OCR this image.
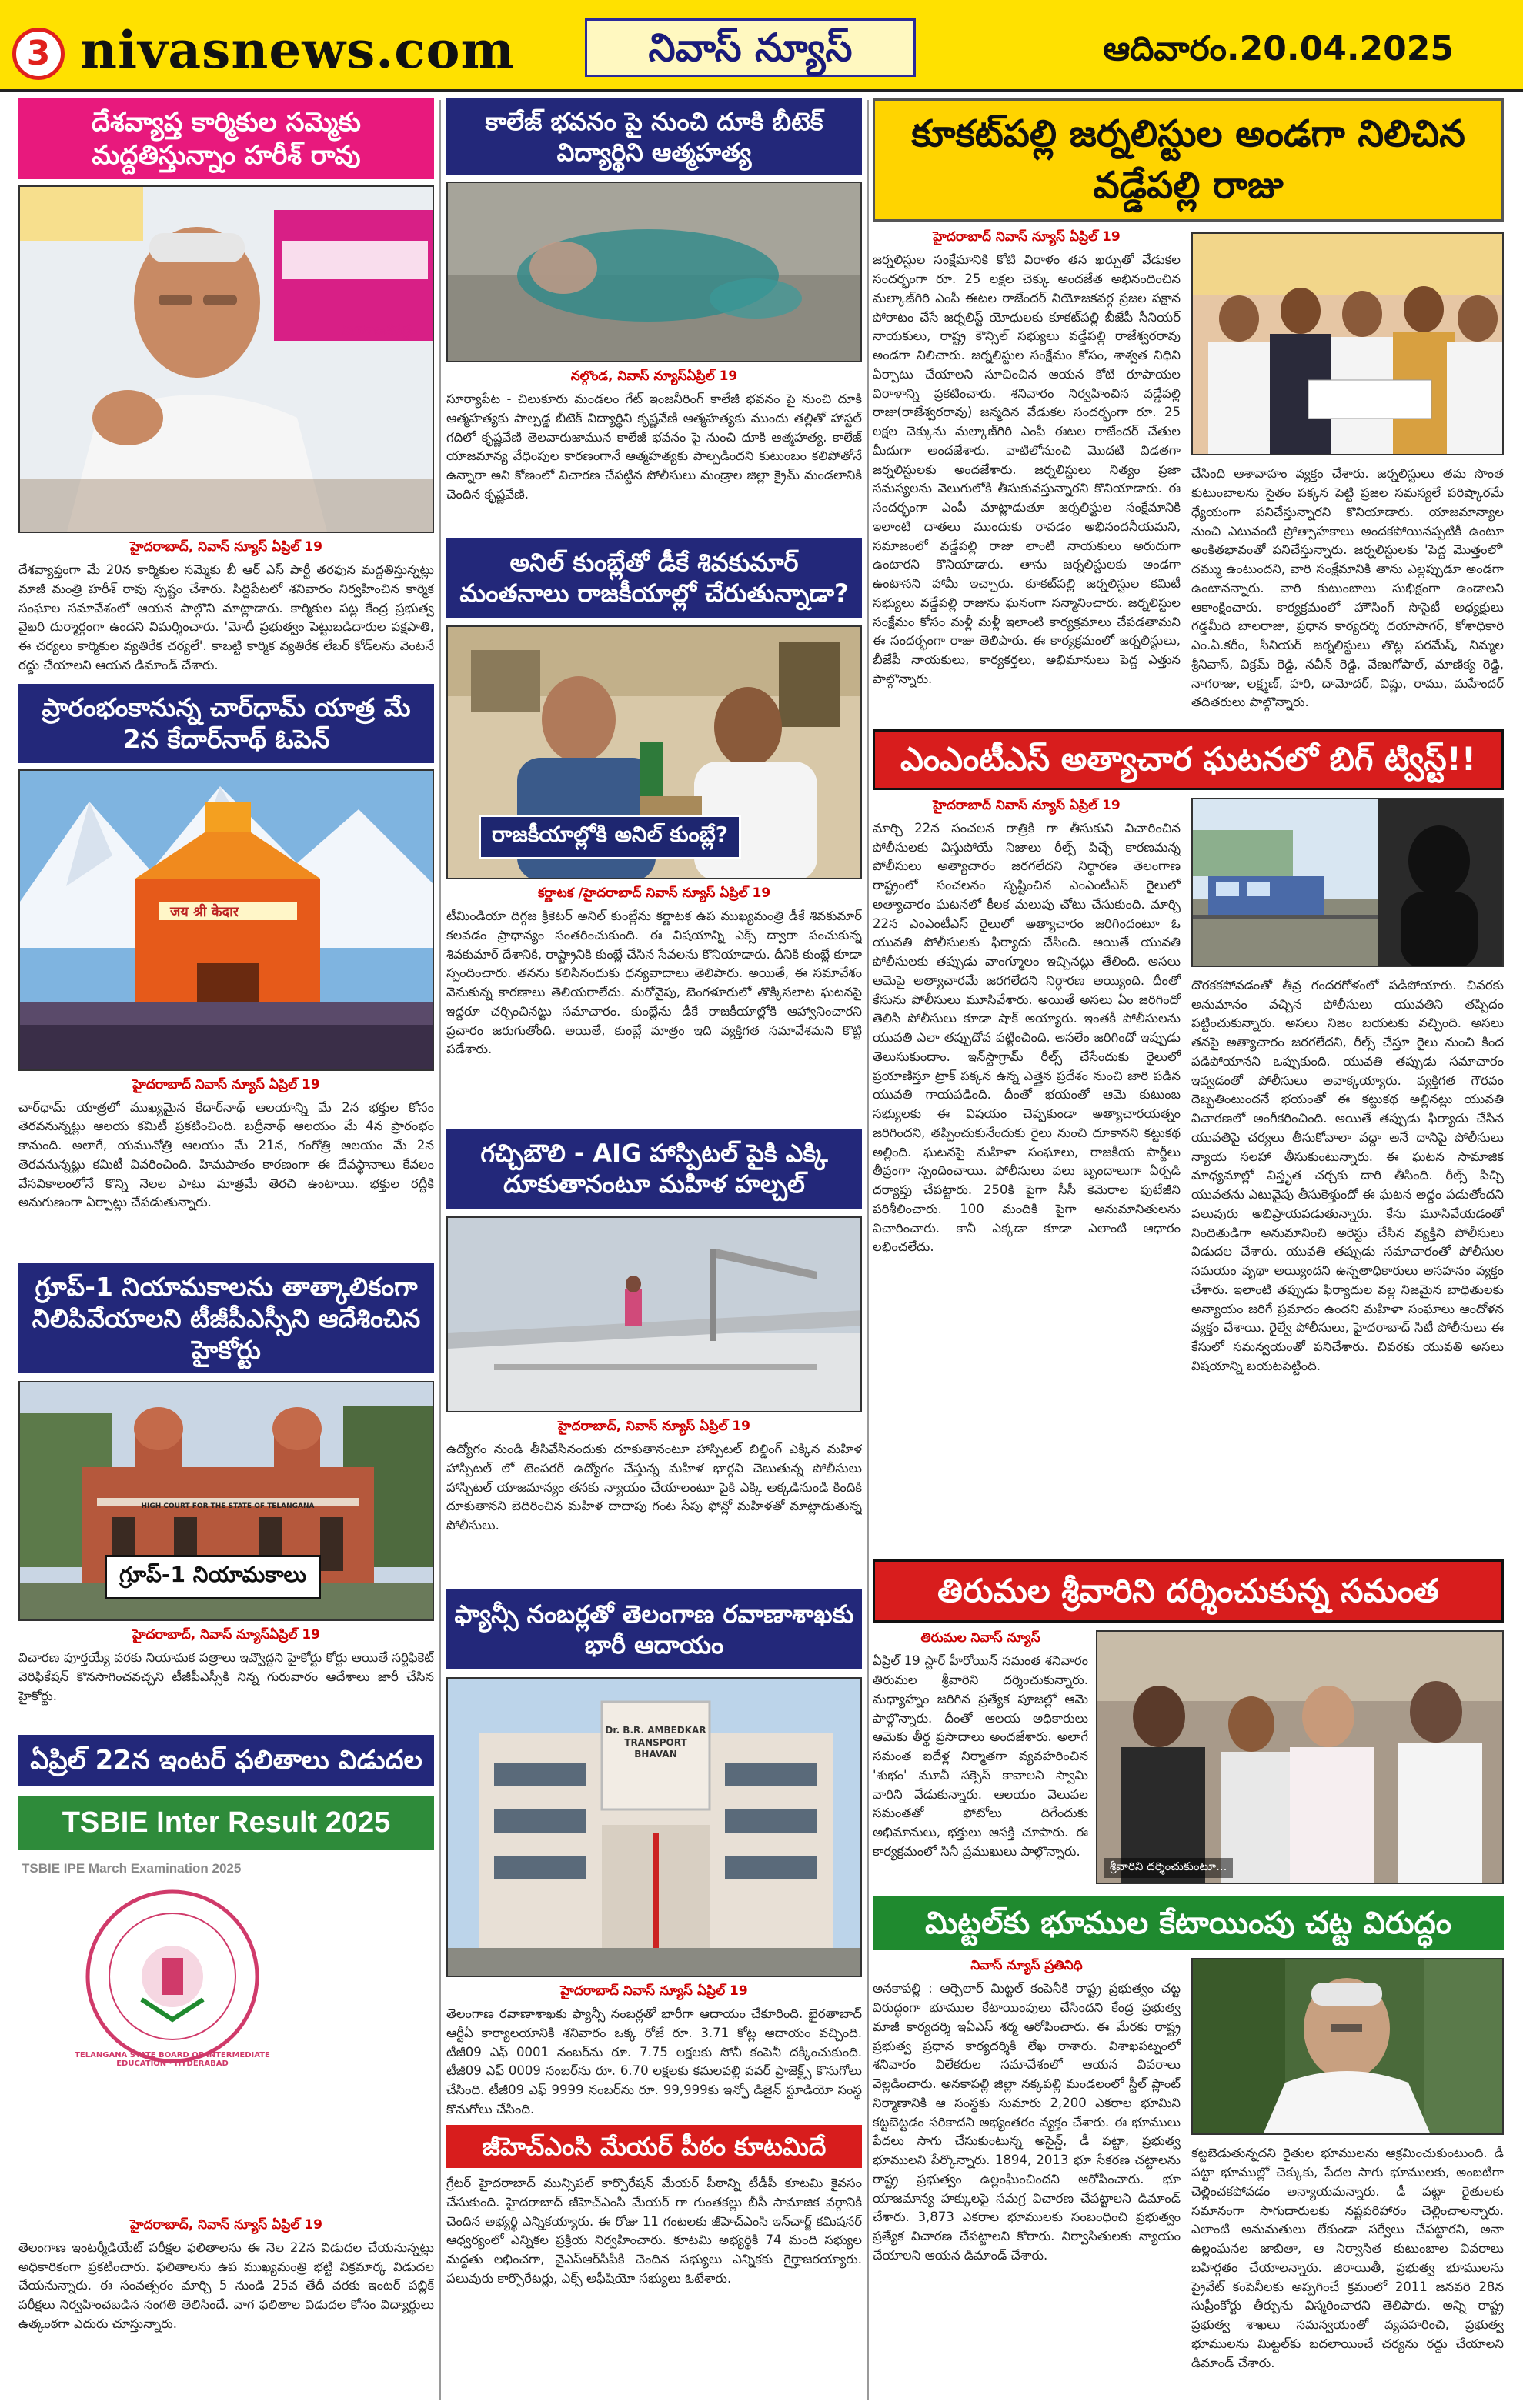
3 nivasnews.com	నివాస్ న్యూస్	ఆదివారం.20.04.2025
దేశవ్యాప్త కార్మికుల సమ్మెకు మద్దతిస్తున్నాం హరీశ్ రావు
నియోజకవర్గం
హైదరాబాద్, నివాస్ న్యూస్ ఏప్రిల్ 19
దేశవ్యాప్తంగా మే 20న కార్మికుల సమ్మెకు బీ ఆర్ ఎస్ పార్టీ తరఫున మద్దతిస్తున్నట్లు మాజీ మంత్రి హరీశ్ రావు స్పష్టం చేశారు. సిద్దిపేటలో శనివారం నిర్వహించిన కార్మిక సంఘాల సమావేశంలో ఆయన పాల్గొని మాట్లాడారు. కార్మికుల పట్ల కేంద్ర ప్రభుత్వ వైఖరి దుర్మార్గంగా ఉందని విమర్శించారు. 'మోదీ ప్రభుత్వం పెట్టుబడిదారుల పక్షపాతి, ఈ చర్యలు కార్మికుల వ్యతిరేక చర్యలే'. కాబట్టి కార్మిక వ్యతిరేక లేబర్ కోడ్‌లను వెంటనే రద్దు చేయాలని ఆయన డిమాండ్ చేశారు.
ప్రారంభంకానున్న చార్‌ధామ్ యాత్ర మే 2న కేదార్‌నాథ్ ఓపెన్
जय श्री केदार
హైదరాబాద్ నివాస్ న్యూస్ ఏప్రిల్ 19
చార్‌ధామ్ యాత్రలో ముఖ్యమైన కేదార్‌నాథ్ ఆలయాన్ని మే 2న భక్తుల కోసం తెరవనున్నట్లు ఆలయ కమిటీ ప్రకటించింది. బద్రీనాథ్ ఆలయం మే 4న ప్రారంభం కానుంది. అలాగే, యమునోత్రి ఆలయం మే 21న, గంగోత్రి ఆలయం మే 2న తెరవనున్నట్లు కమిటీ వివరించింది. హిమపాతం కారణంగా ఈ దేవస్థానాలు కేవలం వేసవికాలంలోనే కొన్ని నెలల పాటు మాత్రమే తెరచి ఉంటాయి. భక్తుల రద్దీకి అనుగుణంగా ఏర్పాట్లు చేపడుతున్నారు.
గ్రూప్-1 నియామకాలను తాత్కాలికంగా నిలిపివేయాలని టీజీపీఎస్సీని ఆదేశించిన హైకోర్టు
HIGH COURT FOR THE STATE OF TELANGANA
గ్రూప్-1 నియామకాలు
హైదరాబాద్, నివాస్ న్యూస్ఏప్రిల్ 19
విచారణ పూర్తయ్యే వరకు నియామక పత్రాలు ఇవ్వొద్దని హైకోర్టు కోర్టు ఆయితే సర్టిఫికెట్ వెరిఫికేషన్ కొనసాగించవచ్చని టీజీపీఎస్సీకి నిన్న గురువారం ఆదేశాలు జారీ చేసిన హైకోర్టు.
ఏప్రిల్ 22న ఇంటర్ ఫలితాలు విడుదల
TSBIE Inter Result 2025
TSBIE IPE March Examination 2025
TELANGANA STATE BOARD OF INTERMEDIATE EDUCATION · HYDERABAD
హైదరాబాద్, నివాస్ న్యూస్ ఏప్రిల్ 19
తెలంగాణ ఇంటర్మీడియేట్ పరీక్షల ఫలితాలను ఈ నెల 22న విడుదల చేయనున్నట్లు అధికారికంగా ప్రకటించారు. ఫలితాలను ఉప ముఖ్యమంత్రి భట్టి విక్రమార్క విడుదల చేయనున్నారు. ఈ సంవత్సరం మార్చి 5 నుండి 25వ తేదీ వరకు ఇంటర్ పబ్లిక్ పరీక్షలు నిర్వహించబడిన సంగతి తెలిసిందే. వాగ ఫలితాల విడుదల కోసం విద్యార్థులు ఉత్కంఠగా ఎదురు చూస్తున్నారు.
కాలేజ్ భవనం పై నుంచి దూకి బీటెక్ విద్యార్థిని ఆత్మహత్య
నల్గొండ, నివాస్ న్యూస్ఏప్రిల్ 19
సూర్యాపేట - చిలుకూరు మండలం గేట్ ఇంజనీరింగ్ కాలేజీ భవనం పై నుంచి దూకి ఆత్మహత్యకు పాల్పడ్డ బీటెక్ విద్యార్థిని కృష్ణవేణి ఆత్మహత్యకు ముందు తల్లితో హాస్టల్ గదిలో కృష్ణవేణి తెలవారుజామున కాలేజీ భవనం పై నుంచి దూకి ఆత్మహత్య. కాలేజ్ యాజమాన్య వేధింపుల కారణంగానే ఆత్మహత్యకు పాల్పడిందని కుటుంబం కలిపోతోనే ఉన్నారా అని కోణంలో విచారణ చేపట్టిన పోలీసులు మండ్రాల జిల్లా క్రైమ్ మండలానికి చెందిన కృష్ణవేణి.
అనిల్ కుంబ్లేతో డీకే శివకుమార్ మంతనాలు రాజకీయాల్లో చేరుతున్నాడా?
రాజకీయాల్లోకి అనిల్ కుంబ్లే?
కర్ణాటక /హైదరాబాద్ నివాస్ న్యూస్ ఏప్రిల్ 19
టీమిండియా దిగ్గజ క్రికెటర్ అనిల్ కుంబ్లేను కర్ణాటక ఉప ముఖ్యమంత్రి డీకే శివకుమార్ కలవడం ప్రాధాన్యం సంతరించుకుంది. ఈ విషయాన్ని ఎక్స్ ద్వారా పంచుకున్న శివకుమార్ దేశానికి, రాష్ట్రానికి కుంబ్లే చేసిన సేవలను కొనియాడారు. దీనికి కుంబ్లే కూడా స్పందించారు. తనను కలిసినందుకు ధన్యవాదాలు తెలిపారు. అయితే, ఈ సమావేశం వెనుకున్న కారణాలు తెలియరాలేదు. మరోవైపు, బెంగళూరులో తొక్కిసలాట ఘటనపై ఇద్దరూ చర్చించినట్టు సమాచారం. కుంబ్లేను డీకే రాజకీయాల్లోకి ఆహ్వానించారని ప్రచారం జరుగుతోంది. అయితే, కుంబ్లే మాత్రం ఇది వ్యక్తిగత సమావేశమని కొట్టి పడేశారు.
గచ్చిబౌలి - AIG హాస్పిటల్ పైకి ఎక్కి దూకుతానంటూ మహిళ హల్చల్
హైదరాబాద్, నివాస్ న్యూస్ ఏప్రిల్ 19
ఉద్యోగం నుండి తీసివేసినందుకు దూకుతానంటూ హాస్పిటల్ బిల్డింగ్ ఎక్కిన మహిళ హాస్పిటల్ లో టెంపరరీ ఉద్యోగం చేస్తున్న మహిళ భార్గవి చెబుతున్న పోలీసులు హాస్పిటల్ యాజమాన్యం తనకు న్యాయం చేయాలంటూ పైకి ఎక్కి అక్కడినుండి కిందికి దూకుతానని బెదిరించిన మహిళ దాదాపు గంట సేపు ఫోన్లో మహిళతో మాట్లాడుతున్న పోలీసులు.
ఫ్యాన్సీ నంబర్లతో తెలంగాణ రవాణాశాఖకు భారీ ఆదాయం
Dr. B.R. AMBEDKAR TRANSPORT BHAVAN
హైదరాబాద్ నివాస్ న్యూస్ ఏప్రిల్ 19
తెలంగాణ రవాణాశాఖకు ఫ్యాన్సీ నంబర్లతో భారీగా ఆదాయం చేకూరింది. ఖైరతాబాద్ ఆర్టీఏ కార్యాలయానికి శనివారం ఒక్క రోజే రూ. 3.71 కోట్ల ఆదాయం వచ్చింది. టీజీ09 ఎఫ్ 0001 నంబర్‌ను రూ. 7.75 లక్షలకు సోనీ కంపెనీ దక్కించుకుంది. టీజీ09 ఎఫ్ 0009 నంబర్‌ను రూ. 6.70 లక్షలకు కమలవల్లి పవర్ ప్రాజెక్ట్స్ కొనుగోలు చేసింది. టీజీ09 ఎఫ్ 9999 నంబర్‌ను రూ. 99,999కు ఇన్ఫో డిజైన్ స్టూడియో సంస్థ కొనుగోలు చేసింది.
జీహెచ్ఎంసి మేయర్ పీఠం కూటమిదే
గ్రేటర్ హైదరాబాద్ మున్సిపల్ కార్పొరేషన్ మేయర్ పీఠాన్ని టీడీపీ కూటమి కైవసం చేసుకుంది. హైదరాబాద్ జీహెచ్ఎంసి మేయర్ గా గుంతకల్లు బీసీ సామాజిక వర్గానికి చెందిన అభ్యర్థి ఎన్నికయ్యారు. ఈ రోజు 11 గంటలకు జీహెచ్ఎంసి ఇన్‌చార్జ్ కమిషనర్ ఆధ్వర్యంలో ఎన్నికల ప్రక్రియ నిర్వహించారు. కూటమి అభ్యర్థికి 74 మంది సభ్యుల మద్దతు లభించగా, వైఎస్ఆర్‌సీపీకి చెందిన సభ్యులు ఎన్నికకు గైర్హాజరయ్యారు. పలువురు కార్పొరేటర్లు, ఎక్స్ అఫీషియో సభ్యులు ఓటేశారు.
కూకట్‌పల్లి జర్నలిస్టుల అండగా నిలిచిన వడ్డేపల్లి రాజు
హైదరాబాద్ నివాస్ న్యూస్ ఏప్రిల్ 19
జర్నలిస్టుల సంక్షేమానికి కోటి విరాళం తన ఖర్చుతో వేడుకల సందర్భంగా రూ. 25 లక్షల చెక్కు అందజేత అభినందించిన మల్కాజ్‌గిరి ఎంపీ ఈటల రాజేందర్ నియోజకవర్గ ప్రజల పక్షాన పోరాటం చేసే జర్నలిస్ట్ యోధులకు కూకట్‌పల్లి బీజేపీ సీనియర్ నాయకులు, రాష్ట్ర కౌన్సిల్ సభ్యులు వడ్డేపల్లి రాజేశ్వరరావు అండగా నిలిచారు. జర్నలిస్టుల సంక్షేమం కోసం, శాశ్వత నిధిని ఏర్పాటు చేయాలని సూచించిన ఆయన కోటి రూపాయల విరాళాన్ని ప్రకటించారు. శనివారం నిర్వహించిన వడ్డేపల్లి రాజు(రాజేశ్వరరావు) జన్మదిన వేడుకల సందర్భంగా రూ. 25 లక్షల చెక్కును మల్కాజ్‌గిరి ఎంపీ ఈటల రాజేందర్ చేతుల మీదుగా అందజేశారు. వాటిలోనుంచి మొదటి విడతగా జర్నలిస్టులకు అందజేశారు. జర్నలిస్టులు నిత్యం ప్రజా సమస్యలను వెలుగులోకి తీసుకువస్తున్నారని కొనియాడారు. ఈ సందర్భంగా ఎంపీ మాట్లాడుతూ జర్నలిస్టుల సంక్షేమానికి ఇలాంటి దాతలు ముందుకు రావడం అభినందనీయమని, సమాజంలో వడ్డేపల్లి రాజు లాంటి నాయకులు అరుదుగా ఉంటారని కొనియాడారు. తాను జర్నలిస్టులకు అండగా ఉంటానని హామీ ఇచ్చారు. కూకట్‌పల్లి జర్నలిస్టుల కమిటీ సభ్యులు వడ్డేపల్లి రాజును ఘనంగా సన్మానించారు. జర్నలిస్టుల సంక్షేమం కోసం మళ్లీ మళ్లీ ఇలాంటి కార్యక్రమాలు చేపడతామని ఈ సందర్భంగా రాజు తెలిపారు. ఈ కార్యక్రమంలో జర్నలిస్టులు, బీజేపీ నాయకులు, కార్యకర్తలు, అభిమానులు పెద్ద ఎత్తున పాల్గొన్నారు.
చేసింది ఆశావాహం వ్యక్తం చేశారు. జర్నలిస్టులు తమ సొంత కుటుంబాలను సైతం పక్కన పెట్టి ప్రజల సమస్యలే పరిష్కారమే ధ్యేయంగా పనిచేస్తున్నారని కొనియాడారు. యాజమాన్యాల నుంచి ఎటువంటి ప్రోత్సాహకాలు అందకపోయినప్పటికీ ఉంటూ అంకితభావంతో పనిచేస్తున్నారు. జర్నలిస్టులకు 'పెద్ద మొత్తంలో' దమ్ము ఉంటుందని, వారి సంక్షేమానికి తాను ఎల్లప్పుడూ అండగా ఉంటానన్నారు. వారి కుటుంబాలు సుభిక్షంగా ఉండాలని ఆకాంక్షించారు. కార్యక్రమంలో హౌసింగ్ సొసైటీ అధ్యక్షులు గడ్డమీది బాలరాజు, ప్రధాన కార్యదర్శి దయాసాగర్, కోశాధికారి ఎం.ఏ.కరీం, సీనియర్ జర్నలిస్టులు తొట్ల పరమేష్, నిమ్మల శ్రీనివాస్, విక్రమ్ రెడ్డి, నవీన్ రెడ్డి, వేణుగోపాల్, మాణిక్య రెడ్డి, నాగరాజు, లక్ష్మణ్, హరి, దామోదర్, విష్ణు, రాము, మహేందర్ తదితరులు పాల్గొన్నారు.
ఎంఎంటీఎస్ అత్యాచార ఘటనలో బిగ్ ట్విస్ట్!!
హైదరాబాద్ నివాస్ న్యూస్ ఏప్రిల్ 19
మార్చి 22న సంచలన రాత్రికి గా తీసుకుని విచారించిన పోలీసులకు విస్తుపోయే నిజాలు రీల్స్ పిచ్చే కారణమన్న పోలీసులు అత్యాచారం జరగలేదని నిర్ధారణ తెలంగాణ రాష్ట్రంలో సంచలనం సృష్టించిన ఎంఎంటీఎస్ రైలులో అత్యాచారం ఘటనలో కీలక మలుపు చోటు చేసుకుంది. మార్చి 22న ఎంఎంటీఎస్ రైలులో అత్యాచారం జరిగిందంటూ ఓ యువతి పోలీసులకు ఫిర్యాదు చేసింది. అయితే యువతి పోలీసులకు తప్పుడు వాంగ్మూలం ఇచ్చినట్లు తేలింది. అసలు ఆమెపై అత్యాచారమే జరగలేదని నిర్ధారణ అయ్యింది. దీంతో కేసును పోలీసులు మూసివేశారు. అయితే అసలు ఏం జరిగిందో తెలిసి పోలీసులు కూడా షాక్ అయ్యారు. ఇంతకీ పోలీసులను యువతి ఎలా తప్పుదోవ పట్టించింది. అసలేం జరిగిందో ఇప్పుడు తెలుసుకుందాం. ఇన్‌స్టాగ్రామ్ రీల్స్ చేసేందుకు రైలులో ప్రయాణిస్తూ ట్రాక్ పక్కన ఉన్న ఎత్తైన ప్రదేశం నుంచి జారి పడిన యువతి గాయపడింది. దీంతో భయంతో ఆమె కుటుంబ సభ్యులకు ఈ విషయం చెప్పకుండా అత్యాచారయత్నం జరిగిందని, తప్పించుకునేందుకు రైలు నుంచి దూకానని కట్టుకథ అల్లింది. ఘటనపై మహిళా సంఘాలు, రాజకీయ పార్టీలు తీవ్రంగా స్పందించాయి. పోలీసులు పలు బృందాలుగా ఏర్పడి దర్యాప్తు చేపట్టారు. 250కి పైగా సీసీ కెమెరాల ఫుటేజీని పరిశీలించారు. 100 మందికి పైగా అనుమానితులను విచారించారు. కానీ ఎక్కడా కూడా ఎలాంటి ఆధారం లభించలేదు.
దొరకకపోవడంతో తీవ్ర గందరగోళంలో పడిపోయారు. చివరకు అనుమానం వచ్చిన పోలీసులు యువతిని తప్పిదం పట్టించుకున్నారు. అసలు నిజం బయటకు వచ్చింది. అసలు తనపై అత్యాచారం జరగలేదని, రీల్స్ చేస్తూ రైలు నుంచి కింద పడిపోయానని ఒప్పుకుంది. యువతి తప్పుడు సమాచారం ఇవ్వడంతో పోలీసులు అవాక్కయ్యారు. వ్యక్తిగత గౌరవం దెబ్బతింటుందనే భయంతో ఈ కట్టుకథ అల్లినట్లు యువతి విచారణలో అంగీకరించింది. అయితే తప్పుడు ఫిర్యాదు చేసిన యువతిపై చర్యలు తీసుకోవాలా వద్దా అనే దానిపై పోలీసులు న్యాయ సలహా తీసుకుంటున్నారు. ఈ ఘటన సామాజిక మాధ్యమాల్లో విస్తృత చర్చకు దారి తీసింది. రీల్స్ పిచ్చి యువతను ఎటువైపు తీసుకెళ్తుందో ఈ ఘటన అద్దం పడుతోందని పలువురు అభిప్రాయపడుతున్నారు. కేసు మూసివేయడంతో నిందితుడిగా అనుమానించి అరెస్టు చేసిన వ్యక్తిని పోలీసులు విడుదల చేశారు. యువతి తప్పుడు సమాచారంతో పోలీసుల సమయం వృథా అయ్యిందని ఉన్నతాధికారులు అసహనం వ్యక్తం చేశారు. ఇలాంటి తప్పుడు ఫిర్యాదుల వల్ల నిజమైన బాధితులకు అన్యాయం జరిగే ప్రమాదం ఉందని మహిళా సంఘాలు ఆందోళన వ్యక్తం చేశాయి. రైల్వే పోలీసులు, హైదరాబాద్ సిటీ పోలీసులు ఈ కేసులో సమన్వయంతో పనిచేశారు. చివరకు యువతి అసలు విషయాన్ని బయటపెట్టింది.
తిరుమల శ్రీవారిని దర్శించుకున్న సమంత
తిరుమల నివాస్ న్యూస్
ఏప్రిల్ 19 స్టార్ హీరోయిన్ సమంత శనివారం తిరుమల శ్రీవారిని దర్శించుకున్నారు. మధ్యాహ్నం జరిగిన ప్రత్యేక పూజల్లో ఆమె పాల్గొన్నారు. దీంతో ఆలయ అధికారులు ఆమెకు తీర్థ ప్రసాదాలు అందజేశారు. అలాగే సమంత ఐదేళ్ల నిర్మాతగా వ్యవహరించిన 'శుభం' మూవీ సక్సెస్ కావాలని స్వామి వారిని వేడుకున్నారు. ఆలయం వెలుపల సమంతతో ఫోటోలు దిగేందుకు అభిమానులు, భక్తులు ఆసక్తి చూపారు. ఈ కార్యక్రమంలో సినీ ప్రముఖులు పాల్గొన్నారు.
శ్రీవారిని దర్శించుకుంటూ...
మిట్టల్‌కు భూముల కేటాయింపు చట్ట విరుద్ధం
నివాస్ న్యూస్ ప్రతినిధి
అనకాపల్లి : ఆర్సెలార్ మిట్టల్ కంపెనీకి రాష్ట్ర ప్రభుత్వం చట్ట విరుద్ధంగా భూముల కేటాయింపులు చేసిందని కేంద్ర ప్రభుత్వ మాజీ కార్యదర్శి ఇఏఎస్ శర్మ ఆరోపించారు. ఈ మేరకు రాష్ట్ర ప్రభుత్వ ప్రధాన కార్యదర్శికి లేఖ రాశారు. విశాఖపట్నంలో శనివారం విలేకరుల సమావేశంలో ఆయన వివరాలు వెల్లడించారు. అనకాపల్లి జిల్లా నక్కపల్లి మండలంలో స్టీల్ ప్లాంట్ నిర్మాణానికి ఆ సంస్థకు సుమారు 2,200 ఎకరాల భూమిని కట్టబెట్టడం సరికాదని అభ్యంతరం వ్యక్తం చేశారు. ఈ భూములు పేదలు సాగు చేసుకుంటున్న అసైన్డ్, డీ పట్టా, ప్రభుత్వ భూములని పేర్కొన్నారు. 1894, 2013 భూ సేకరణ చట్టాలను రాష్ట్ర ప్రభుత్వం ఉల్లంఘించిందని ఆరోపించారు. భూ యాజమాన్య హక్కులపై సమగ్ర విచారణ చేపట్టాలని డిమాండ్ చేశారు. 3,873 ఎకరాల భూములకు సంబంధించి ప్రభుత్వం ప్రత్యేక విచారణ చేపట్టాలని కోరారు. నిర్వాసితులకు న్యాయం చేయాలని ఆయన డిమాండ్ చేశారు.
కట్టబెడుతున్నదని రైతుల భూములను ఆక్రమించుకుంటుంది. డీ పట్టా భూముల్లో చెక్కుకు, పేదల సాగు భూములకు, అంబటిగా చెల్లించకపోవడం అన్యాయమన్నారు. డీ పట్టా రైతులకు సమానంగా సాగుదారులకు నష్టపరిహారం చెల్లించాలన్నారు. ఎలాంటి అనుమతులు లేకుండా సర్వేలు చేపట్టారని, అనా ఉల్లంఘనల జాబితా, ఆ నిర్వాసిత కుటుంబాల వివరాలు బహిర్గతం చేయాలన్నారు. జిరాయితీ, ప్రభుత్వ భూములను ప్రైవేట్ కంపెనీలకు అప్పగించే క్రమంలో 2011 జనవరి 28న సుప్రీంకోర్టు తీర్పును విస్మరించారని తెలిపారు. అన్ని రాష్ట్ర ప్రభుత్వ శాఖలు సమన్వయంతో వ్యవహరించి, ప్రభుత్వ భూములను మిట్టల్‌కు బదలాయించే చర్యను రద్దు చేయాలని డిమాండ్ చేశారు.
